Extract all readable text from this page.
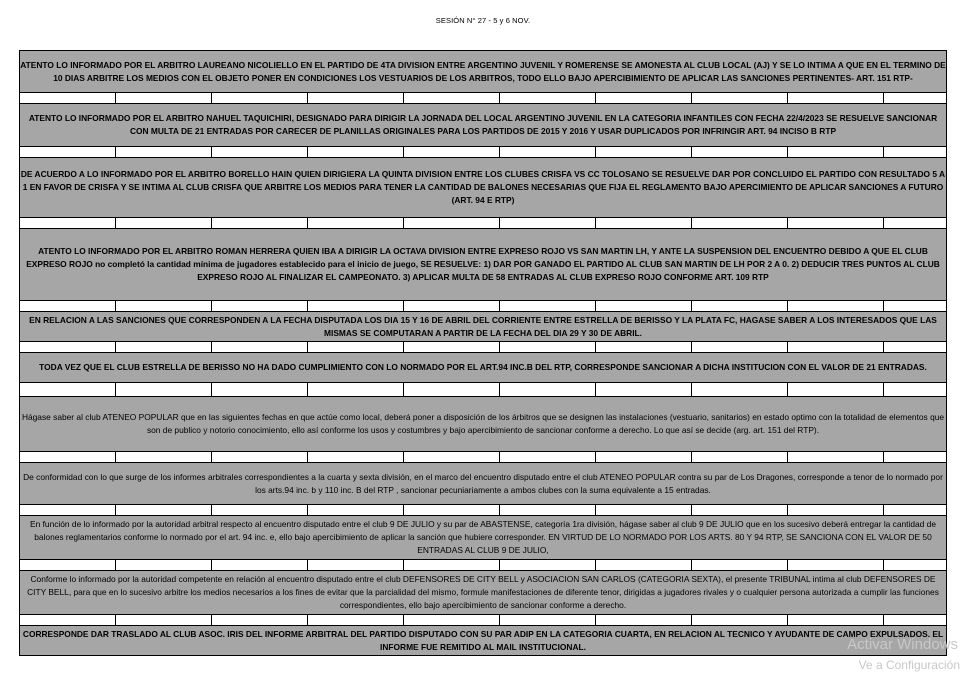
SESIÓN N° 27 - 5 y 6 NOV.
ATENTO LO INFORMADO POR EL ARBITRO LAUREANO NICOLIELLO EN EL PARTIDO DE 4TA DIVISION ENTRE ARGENTINO JUVENIL Y ROMERENSE SE AMONESTA AL CLUB LOCAL (AJ) Y SE LO INTIMA A QUE EN EL TERMINO DE 10 DIAS ARBITRE LOS MEDIOS CON EL OBJETO PONER EN CONDICIONES LOS VESTUARIOS DE LOS ARBITROS, TODO ELLO BAJO APERCIBIMIENTO DE APLICAR LAS SANCIONES PERTINENTES- ART. 151 RTP-									

ATENTO LO INFORMADO POR EL ARBITRO NAHUEL TAQUICHIRI, DESIGNADO PARA DIRIGIR LA JORNADA DEL LOCAL ARGENTINO JUVENIL EN LA CATEGORIA INFANTILES CON FECHA 22/4/2023 SE RESUELVE SANCIONAR CON MULTA DE 21 ENTRADAS POR CARECER DE PLANILLAS ORIGINALES PARA LOS PARTIDOS DE 2015 Y 2016 Y USAR DUPLICADOS POR INFRINGIR ART. 94 INCISO B RTP									

DE ACUERDO A LO INFORMADO POR EL ARBITRO BORELLO HAIN QUIEN DIRIGIERA LA QUINTA DIVISION ENTRE LOS CLUBES CRISFA VS CC TOLOSANO SE RESUELVE DAR POR CONCLUIDO EL PARTIDO CON RESULTADO 5 A 1 EN FAVOR DE CRISFA Y SE INTIMA AL CLUB CRISFA QUE ARBITRE LOS MEDIOS PARA TENER LA CANTIDAD DE BALONES NECESARIAS QUE FIJA EL REGLAMENTO BAJO APERCIMIENTO DE APLICAR SANCIONES A FUTURO (ART. 94 E RTP)									

ATENTO LO INFORMADO POR EL ARBITRO ROMAN HERRERA QUIEN IBA A DIRIGIR LA OCTAVA DIVISION ENTRE EXPRESO ROJO VS SAN MARTIN LH, Y ANTE LA SUSPENSION DEL ENCUENTRO DEBIDO A QUE EL CLUB EXPRESO ROJO no completó la cantidad mínima de jugadores establecido para el inicio de juego, SE RESUELVE: 1) DAR POR GANADO EL PARTIDO AL CLUB SAN MARTIN DE LH POR 2 A 0. 2) DEDUCIR TRES PUNTOS AL CLUB EXPRESO ROJO AL FINALIZAR EL CAMPEONATO. 3) APLICAR MULTA DE 58 ENTRADAS AL CLUB EXPRESO ROJO CONFORME ART. 109 RTP									

EN RELACION A LAS SANCIONES QUE CORRESPONDEN A LA FECHA DISPUTADA LOS DIA 15 Y 16 DE ABRIL DEL CORRIENTE ENTRE ESTRELLA DE BERISSO Y LA PLATA FC, HAGASE SABER A LOS INTERESADOS QUE LAS MISMAS SE COMPUTARAN A PARTIR DE LA FECHA DEL DIA 29 Y 30 DE ABRIL.									

TODA VEZ QUE EL CLUB ESTRELLA DE BERISSO NO HA DADO CUMPLIMIENTO CON LO NORMADO POR EL ART.94 INC.B DEL RTP, CORRESPONDE SANCIONAR A DICHA INSTITUCION CON EL VALOR DE 21 ENTRADAS.									

Hágase saber al club ATENEO POPULAR que en las siguientes fechas en que actúe como local, deberá poner a disposición de los árbitros que se designen las instalaciones (vestuario, sanitarios) en estado optimo con la totalidad de elementos que son de publico y notorio conocimiento, ello así conforme los usos y costumbres y bajo apercibimiento de sancionar conforme a derecho. Lo que así se decide (arg. art. 151 del RTP).									

De conformidad con lo que surge de los informes arbitrales correspondientes a la cuarta y sexta división, en el marco del encuentro disputado entre el club ATENEO POPULAR contra su par de Los Dragones, corresponde a tenor de lo normado por los arts.94 inc. b y 110 inc. B del RTP , sancionar pecuniariamente a ambos clubes con la suma equivalente a 15 entradas.									

En función de lo informado por la autoridad arbitral respecto al encuentro disputado entre el club 9 DE JULIO y su par de ABASTENSE, categoría 1ra división, hágase saber al club 9 DE JULIO que en los sucesivo deberá entregar la cantidad de balones reglamentarios conforme lo normado por el art. 94 inc. e, ello bajo apercibimiento de aplicar la sanción que hubiere corresponder. EN VIRTUD DE LO NORMADO POR LOS ARTS. 80 Y 94 RTP, SE SANCIONA CON EL VALOR DE 50 ENTRADAS AL CLUB 9 DE JULIO,									

Conforme lo informado por la autoridad competente en relación al encuentro disputado entre el club DEFENSORES DE CITY BELL y ASOCIACION SAN CARLOS (CATEGORIA SEXTA), el presente TRIBUNAL intima al club DEFENSORES DE CITY BELL, para que en lo sucesivo arbitre los medios necesarios a los fines de evitar que la parcialidad del mismo, formule manifestaciones de diferente tenor, dirigidas a jugadores rivales y o cualquier persona autorizada a cumplir las funciones correspondientes, ello bajo apercibimiento de sancionar conforme a derecho.									

CORRESPONDE DAR TRASLADO AL CLUB ASOC. IRIS DEL INFORME ARBITRAL DEL PARTIDO DISPUTADO CON SU PAR ADIP EN LA CATEGORIA CUARTA, EN RELACION AL TECNICO Y AYUDANTE DE CAMPO EXPULSADOS. EL INFORME FUE REMITIDO AL MAIL INSTITUCIONAL.										Activar Windows
Ve a Configuración
